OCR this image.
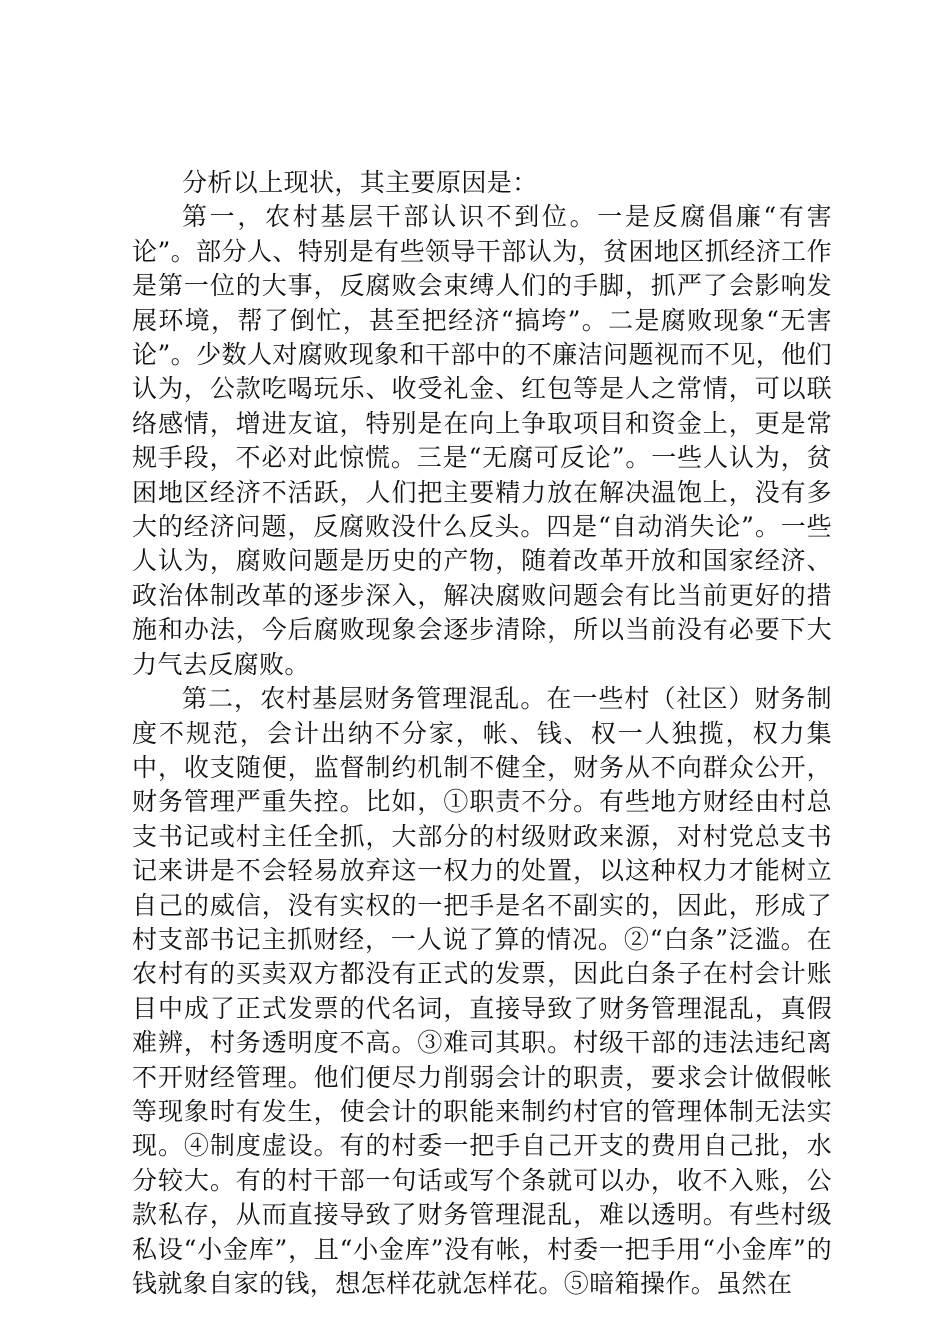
分析以上现状，其主要原因是：

第一，农村基层干部认识不到位。一是反腐倡廉“有害论”。部分人、特别是有些领导干部认为，贫困地区抓经济工作是第一位的大事，反腐败会束缚人们的手脚，抓严了会影响发展环境，帮了倒忙，甚至把经济“搞垮”。二是腐败现象“无害论”。少数人对腐败现象和干部中的不廉洁问题视而不见，他们认为，公款吃喝玩乐、收受礼金、红包等是人之常情，可以联络感情，增进友谊，特别是在向上争取项目和资金上，更是常规手段，不必对此惊慌。三是“无腐可反论”。一些人认为，贫困地区经济不活跃，人们把主要精力放在解决温饱上，没有多大的经济问题，反腐败没什么反头。四是“自动消失论”。一些人认为，腐败问题是历史的产物，随着改革开放和国家经济、政治体制改革的逐步深入，解决腐败问题会有比当前更好的措施和办法，今后腐败现象会逐步清除，所以当前没有必要下大力气去反腐败。

第二，农村基层财务管理混乱。在一些村（社区）财务制度不规范，会计出纳不分家，帐、钱、权一人独揽，权力集中，收支随便，监督制约机制不健全，财务从不向群众公开，财务管理严重失控。比如，①职责不分。有些地方财经由村总支书记或村主任全抓，大部分的村级财政来源，对村党总支书记来讲是不会轻易放弃这一权力的处置，以这种权力才能树立自己的威信，没有实权的一把手是名不副实的，因此，形成了村支部书记主抓财经，一人说了算的情况。②“白条”泛滥。在农村有的买卖双方都没有正式的发票，因此白条子在村会计账目中成了正式发票的代名词，直接导致了财务管理混乱，真假难辨，村务透明度不高。③难司其职。村级干部的违法违纪离不开财经管理。他们便尽力削弱会计的职责，要求会计做假帐等现象时有发生，使会计的职能来制约村官的管理体制无法实现。④制度虚设。有的村委一把手自己开支的费用自己批，水分较大。有的村干部一句话或写个条就可以办，收不入账，公款私存，从而直接导致了财务管理混乱，难以透明。有些村级私设“小金库”，且“小金库”没有帐，村委一把手用“小金库”的钱就象自家的钱，想怎样花就怎样花。⑤暗箱操作。虽然在
